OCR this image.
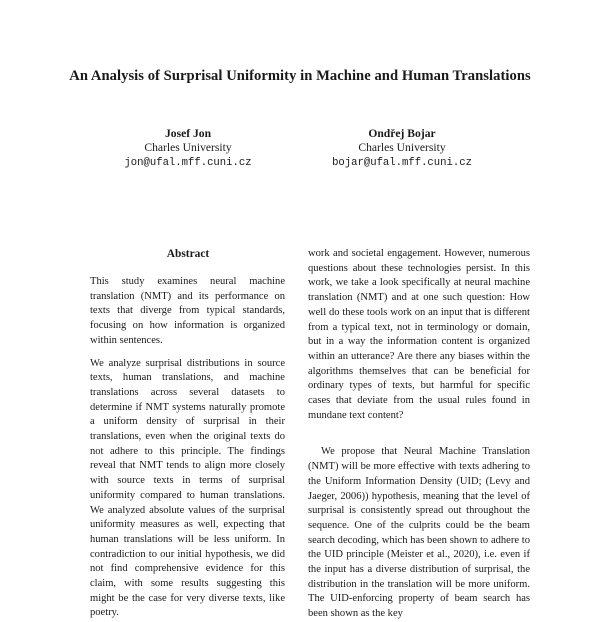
An Analysis of Surprisal Uniformity in Machine and Human Translations
Josef Jon
Charles University
jon@ufal.mff.cuni.cz
Ondřej Bojar
Charles University
bojar@ufal.mff.cuni.cz
Abstract

This study examines neural machine translation (NMT) and its performance on texts that diverge from typical standards, focusing on how information is organized within sentences.

We analyze surprisal distributions in source texts, human translations, and machine translations across several datasets to determine if NMT systems naturally promote a uniform density of surprisal in their translations, even when the original texts do not adhere to this principle. The findings reveal that NMT tends to align more closely with source texts in terms of surprisal uniformity compared to human translations. We analyzed absolute values of the surprisal uniformity measures as well, expecting that human translations will be less uniform. In contradiction to our initial hypothesis, we did not find comprehensive evidence for this claim, with some results suggesting this might be the case for very diverse texts, like poetry.

work and societal engagement. However, numerous questions about these technologies persist. In this work, we take a look specifically at neural machine translation (NMT) and at one such question: How well do these tools work on an input that is different from a typical text, not in terminology or domain, but in a way the information content is organized within an utterance? Are there any biases within the algorithms themselves that can be beneficial for ordinary types of texts, but harmful for specific cases that deviate from the usual rules found in mundane text content?

We propose that Neural Machine Translation (NMT) will be more effective with texts adhering to the Uniform Information Density (UID; (Levy and Jaeger, 2006)) hypothesis, meaning that the level of surprisal is consistently spread out throughout the sequence. One of the culprits could be the beam search decoding, which has been shown to adhere to the UID principle (Meister et al., 2020), i.e. even if the input has a diverse distribution of surprisal, the distribution in the translation will be more uniform. The UID-enforcing property of beam search has been shown as the key
